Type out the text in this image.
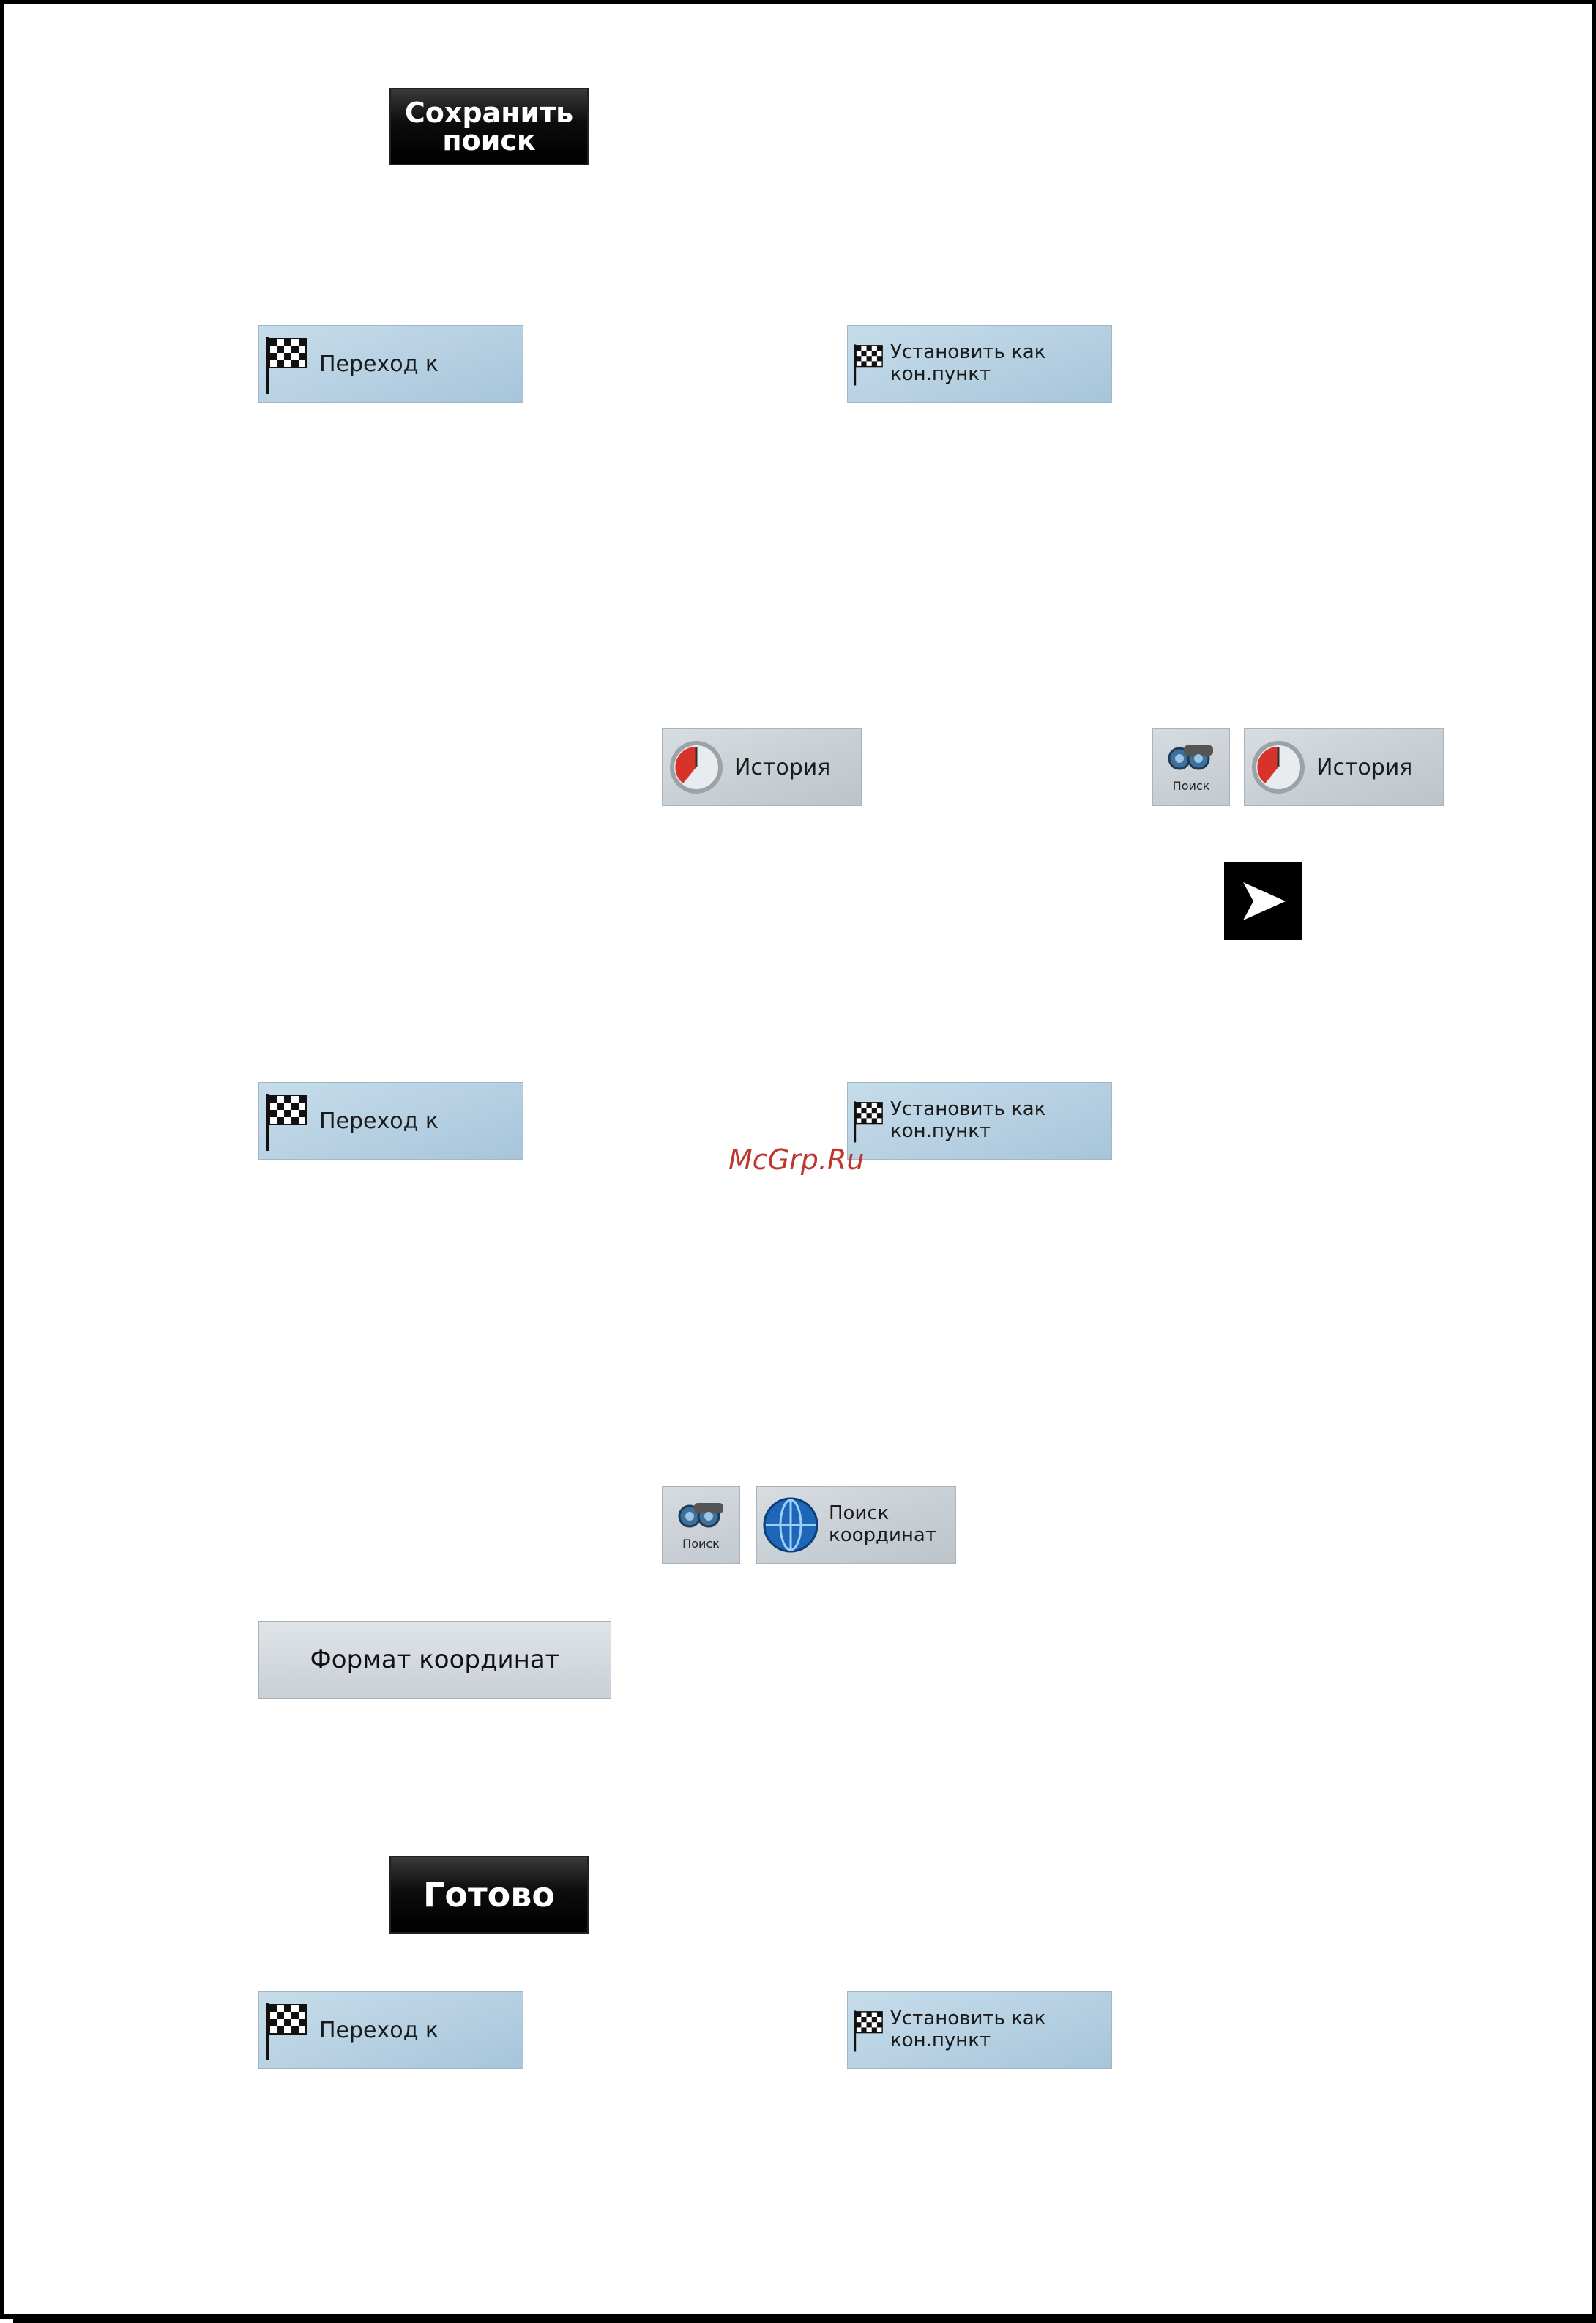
Сохранить
поиск
Переход к	Установить как
кон.пункт
История
Поиск
История
Переход к	Установить как
кон.пункт
McGrp.Ru
Поиск
Поиск
координат
Формат координат
Готово
Переход к	Установить как
кон.пункт
